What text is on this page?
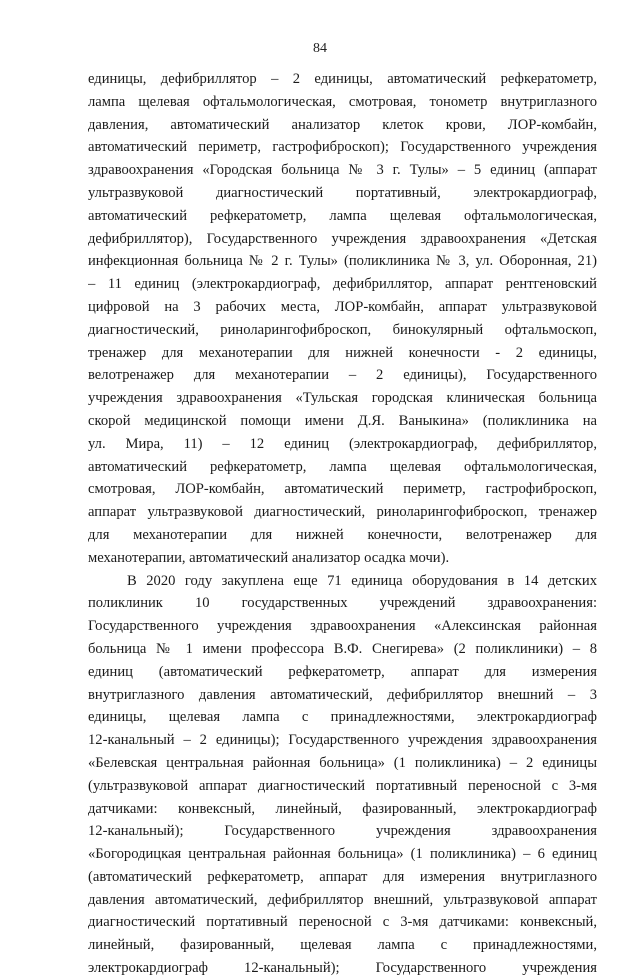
84
единицы, дефибриллятор – 2 единицы, автоматический рефкератометр,
лампа щелевая офтальмологическая, смотровая, тонометр внутриглазного
давления, автоматический анализатор клеток крови, ЛОР-комбайн,
автоматический периметр, гастрофиброскоп); Государственного учреждения
здравоохранения «Городская больница № 3 г. Тулы» – 5 единиц (аппарат
ультразвуковой диагностический портативный, электрокардиограф,
автоматический рефкератометр, лампа щелевая офтальмологическая,
дефибриллятор), Государственного учреждения здравоохранения «Детская
инфекционная больница № 2 г. Тулы» (поликлиника № 3, ул. Оборонная, 21)
– 11 единиц (электрокардиограф, дефибриллятор, аппарат рентгеновский
цифровой на 3 рабочих места, ЛОР-комбайн, аппарат ультразвуковой
диагностический, риноларингофиброскоп, бинокулярный офтальмоскоп,
тренажер для механотерапии для нижней конечности - 2 единицы,
велотренажер для механотерапии – 2 единицы), Государственного
учреждения здравоохранения «Тульская городская клиническая больница
скорой медицинской помощи имени Д.Я. Ваныкина» (поликлиника на
ул. Мира, 11) – 12 единиц (электрокардиограф, дефибриллятор,
автоматический рефкератометр, лампа щелевая офтальмологическая,
смотровая, ЛОР-комбайн, автоматический периметр, гастрофиброскоп,
аппарат ультразвуковой диагностический, риноларингофиброскоп, тренажер
для механотерапии для нижней конечности, велотренажер для
механотерапии, автоматический анализатор осадка мочи).
В 2020 году закуплена еще 71 единица оборудования в 14 детских
поликлиник 10 государственных учреждений здравоохранения:
Государственного учреждения здравоохранения «Алексинская районная
больница № 1 имени профессора В.Ф. Снегирева» (2 поликлиники) – 8
единиц (автоматический рефкератометр, аппарат для измерения
внутриглазного давления автоматический, дефибриллятор внешний – 3
единицы, щелевая лампа с принадлежностями, электрокардиограф
12-канальный – 2 единицы); Государственного учреждения здравоохранения
«Белевская центральная районная больница» (1 поликлиника) – 2 единицы
(ультразвуковой аппарат диагностический портативный переносной с 3-мя
датчиками: конвексный, линейный, фазированный, электрокардиограф
12-канальный); Государственного учреждения здравоохранения
«Богородицкая центральная районная больница» (1 поликлиника) – 6 единиц
(автоматический рефкератометр, аппарат для измерения внутриглазного
давления автоматический, дефибриллятор внешний, ультразвуковой аппарат
диагностический портативный переносной с 3-мя датчиками: конвексный,
линейный, фазированный, щелевая лампа с принадлежностями,
электрокардиограф 12-канальный); Государственного учреждения
